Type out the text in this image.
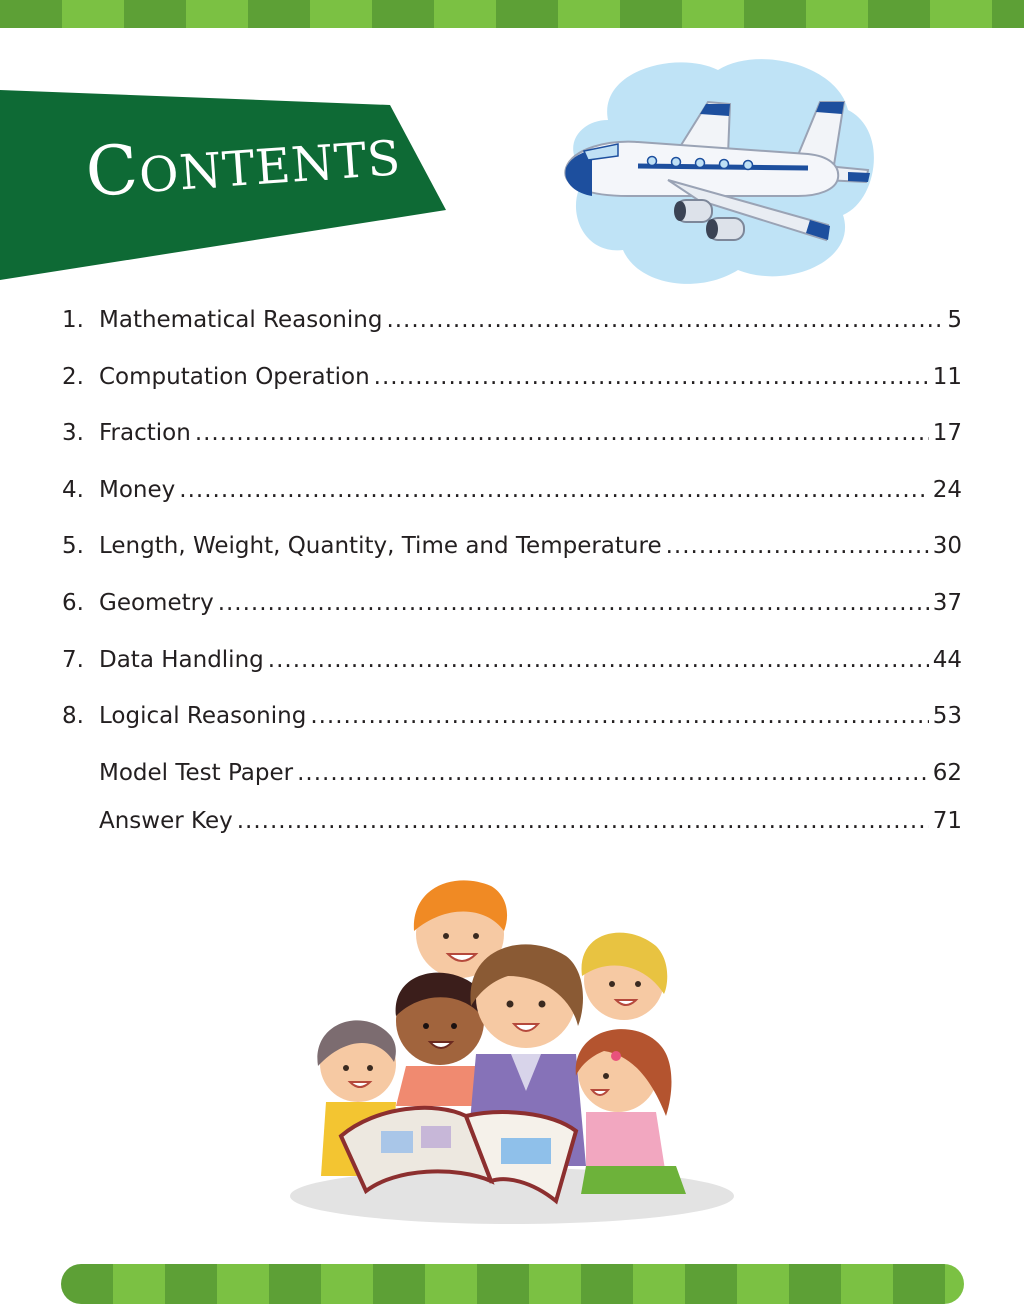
Contents
1. Mathematical Reasoning .....	5
2. Computation Operation .....	11
3. Fraction .....	17
4. Money .....	24
5. Length, Weight, Quantity, Time and Temperature .....	30
6. Geometry .....	37
7. Data Handling .....	44
8. Logical Reasoning .....	53
Model Test Paper .....	62
Answer Key .....	71
